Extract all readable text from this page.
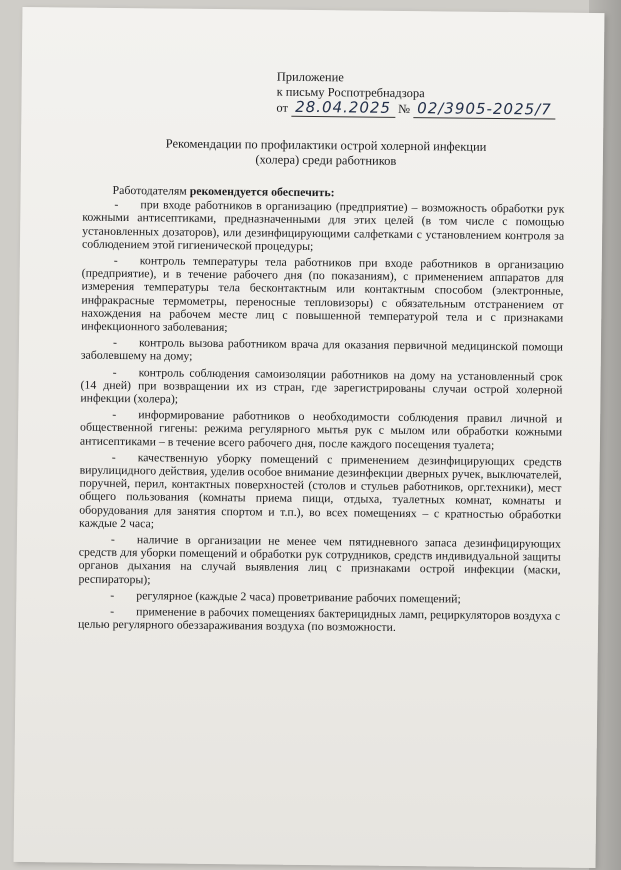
Приложение
к письму Роспотребнадзора
от 28.04.2025 № 02/3905-2025/7
Рекомендации по профилактики острой холерной инфекции
(холера) среди работников

Работодателям рекомендуется обеспечить:

- при входе работников в организацию (предприятие) – возможность обработки рук кожными антисептиками, предназначенными для этих целей (в том числе с помощью установленных дозаторов), или дезинфицирующими салфетками с установлением контроля за соблюдением этой гигиенической процедуры;

- контроль температуры тела работников при входе работников в организацию (предприятие), и в течение рабочего дня (по показаниям), с применением аппаратов для измерения температуры тела бесконтактным или контактным способом (электронные, инфракрасные термометры, переносные тепловизоры) с обязательным отстранением от нахождения на рабочем месте лиц с повышенной температурой тела и с признаками инфекционного заболевания;

- контроль вызова работником врача для оказания первичной медицинской помощи заболевшему на дому;

- контроль соблюдения самоизоляции работников на дому на установленный срок (14 дней) при возвращении их из стран, где зарегистрированы случаи острой холерной инфекции (холера);

- информирование работников о необходимости соблюдения правил личной и общественной гигены: режима регулярного мытья рук с мылом или обработки кожными антисептиками – в течение всего рабочего дня, после каждого посещения туалета;

- качественную уборку помещений с применением дезинфицирующих средств вирулицидного действия, уделив особое внимание дезинфекции дверных ручек, выключателей, поручней, перил, контактных поверхностей (столов и стульев работников, орг.техники), мест общего пользования (комнаты приема пищи, отдыха, туалетных комнат, комнаты и оборудования для занятия спортом и т.п.), во всех помещениях – с кратностью обработки каждые 2 часа;

- наличие в организации не менее чем пятидневного запаса дезинфицирующих средств для уборки помещений и обработки рук сотрудников, средств индивидуальной защиты органов дыхания на случай выявления лиц с признаками острой инфекции (маски, респираторы);

- регулярное (каждые 2 часа) проветривание рабочих помещений;

- применение в рабочих помещениях бактерицидных ламп, рециркуляторов воздуха с целью регулярного обеззараживания воздуха (по возможности.
